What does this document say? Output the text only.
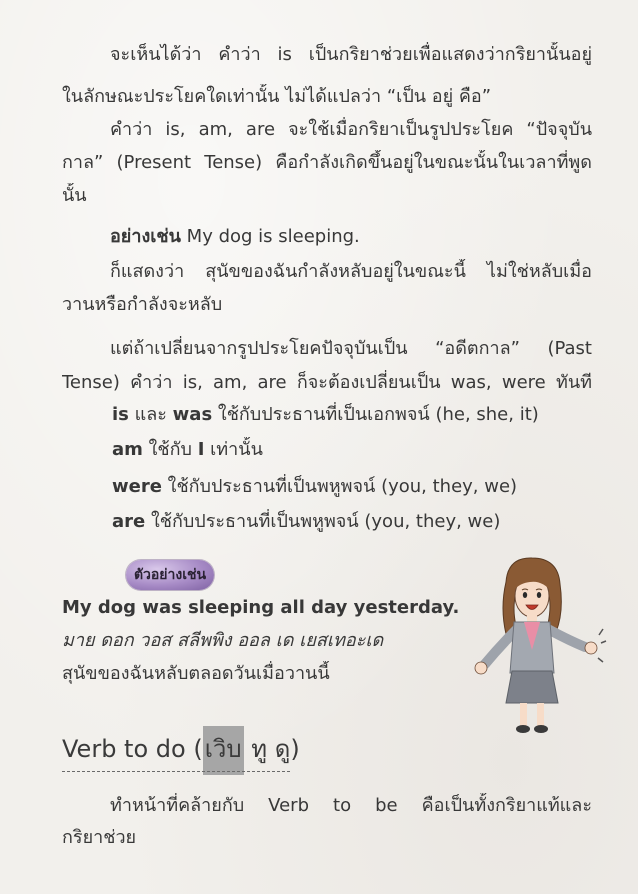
จะเห็นได้ว่า คำว่า is เป็นกริยาช่วยเพื่อแสดงว่ากริยานั้นอยู่
ในลักษณะประโยคใดเท่านั้น ไม่ได้แปลว่า “เป็น อยู่ คือ”
คำว่า is, am, are จะใช้เมื่อกริยาเป็นรูปประโยค “ปัจจุบัน
กาล” (Present Tense) คือกำลังเกิดขึ้นอยู่ในขณะนั้นในเวลาที่พูด
นั้น
อย่างเช่น My dog is sleeping.
ก็แสดงว่า สุนัขของฉันกำลังหลับอยู่ในขณะนี้ ไม่ใช่หลับเมื่อ
วานหรือกำลังจะหลับ
แต่ถ้าเปลี่ยนจากรูปประโยคปัจจุบันเป็น “อดีตกาล” (Past
Tense) คำว่า is, am, are ก็จะต้องเปลี่ยนเป็น was, were ทันที
is และ was ใช้กับประธานที่เป็นเอกพจน์ (he, she, it)
am ใช้กับ I เท่านั้น
were ใช้กับประธานที่เป็นพหูพจน์ (you, they, we)
are ใช้กับประธานที่เป็นพหูพจน์ (you, they, we)
ตัวอย่างเช่น
My dog was sleeping all day yesterday.
มาย ดอก วอส สลีพพิง ออล เด เยสเทอะเด
สุนัขของฉันหลับตลอดวันเมื่อวานนี้
Verb to do (เวิบ ทู ดู)
ทำหน้าที่คล้ายกับ Verb to be คือเป็นทั้งกริยาแท้และ
กริยาช่วย
